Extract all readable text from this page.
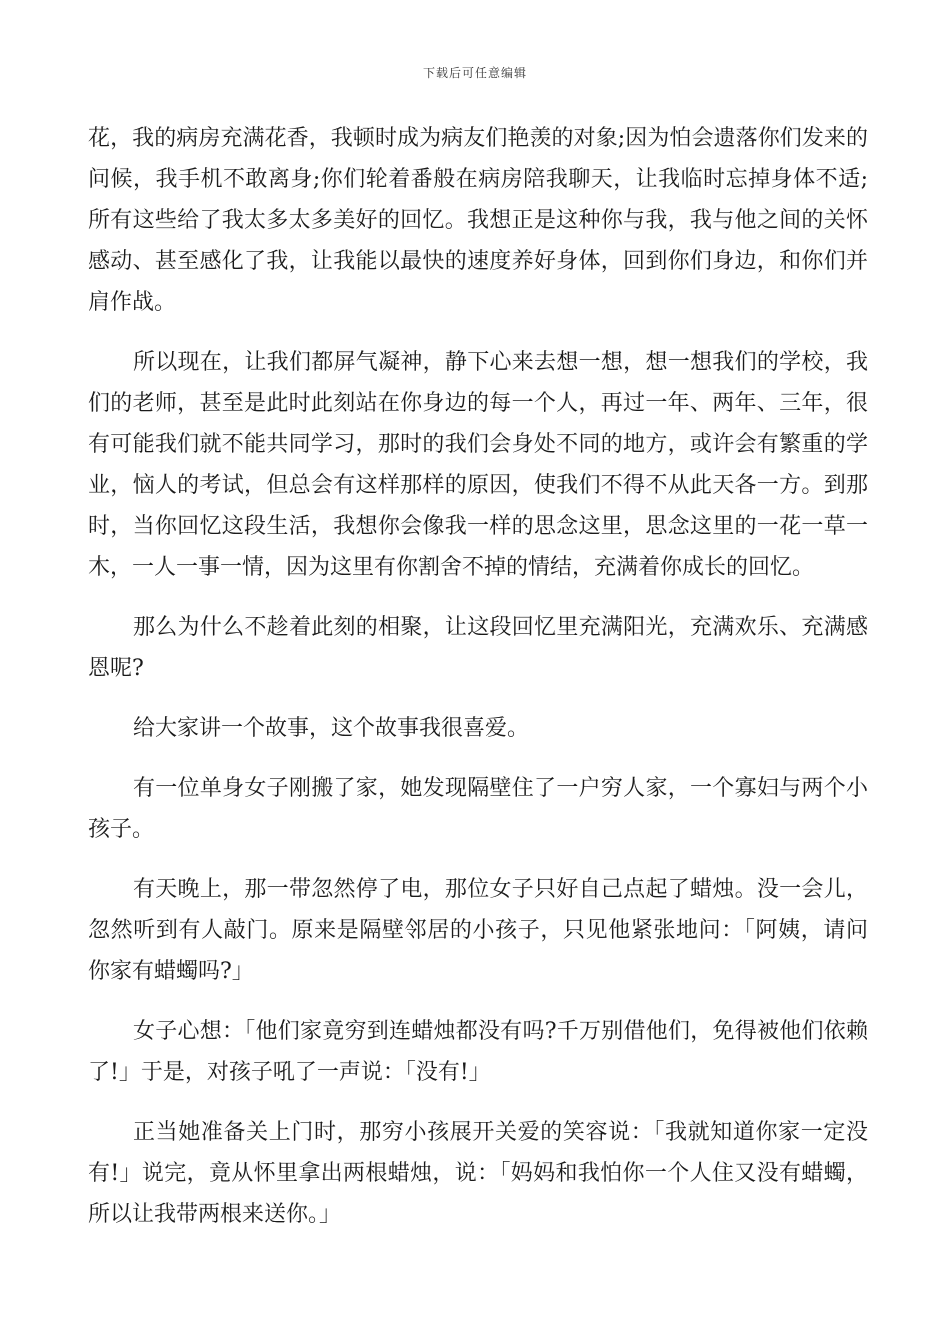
下载后可任意编辑

花，我的病房充满花香，我顿时成为病友们艳羡的对象;因为怕会遗落你们发来的问候，我手机不敢离身;你们轮着番般在病房陪我聊天，让我临时忘掉身体不适;所有这些给了我太多太多美好的回忆。我想正是这种你与我，我与他之间的关怀感动、甚至感化了我，让我能以最快的速度养好身体，回到你们身边，和你们并肩作战。

所以现在，让我们都屏气凝神，静下心来去想一想，想一想我们的学校，我们的老师，甚至是此时此刻站在你身边的每一个人，再过一年、两年、三年，很有可能我们就不能共同学习，那时的我们会身处不同的地方，或许会有繁重的学业，恼人的考试，但总会有这样那样的原因，使我们不得不从此天各一方。到那时，当你回忆这段生活，我想你会像我一样的思念这里，思念这里的一花一草一木，一人一事一情，因为这里有你割舍不掉的情结，充满着你成长的回忆。

那么为什么不趁着此刻的相聚，让这段回忆里充满阳光，充满欢乐、充满感恩呢?

给大家讲一个故事，这个故事我很喜爱。

有一位单身女子刚搬了家，她发现隔壁住了一户穷人家，一个寡妇与两个小孩子。

有天晚上，那一带忽然停了电，那位女子只好自己点起了蜡烛。没一会儿，忽然听到有人敲门。原来是隔壁邻居的小孩子，只见他紧张地问：「阿姨，请问你家有蜡蠋吗?」

女子心想：「他们家竟穷到连蜡烛都没有吗?千万别借他们，免得被他们依赖了!」于是，对孩子吼了一声说：「没有!」

正当她准备关上门时，那穷小孩展开关爱的笑容说：「我就知道你家一定没有!」说完，竟从怀里拿出两根蜡烛，说：「妈妈和我怕你一个人住又没有蜡蠋，所以让我带两根来送你。」
